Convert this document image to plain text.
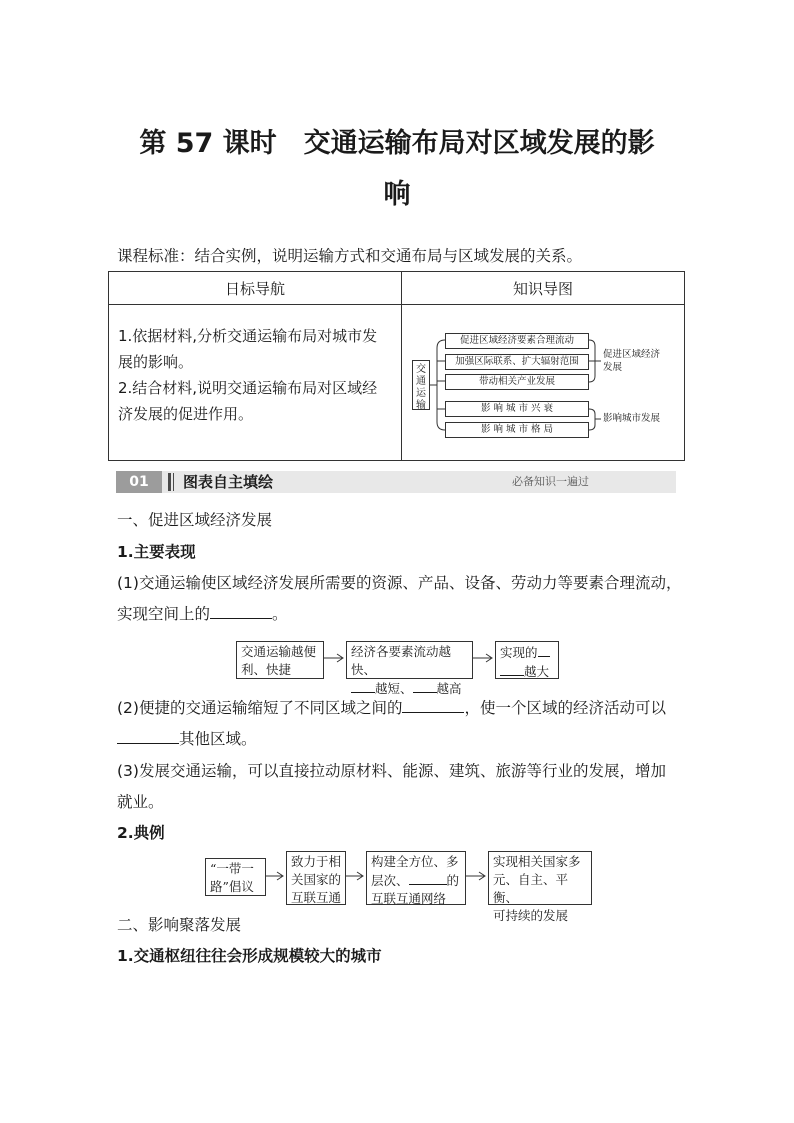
第 57 课时　交通运输布局对区域发展的影
响
课程标准：结合实例，说明运输方式和交通布局与区域发展的关系。
日标导航	知识导图
1.依据材料,分析交通运输布局对城市发
展的影响。
2.结合材料,说明交通运输布局对区域经
济发展的促进作用。
交
通
运
输
促进区域经济要素合理流动
加强区际联系、扩大辐射范围
带动相关产业发展
影 响 城 市 兴 衰
影 响 城 市 格 局
促进区域经济
发展
影响城市发展
01	图表自主填绘	必备知识一遍过
一、促进区域经济发展
1.主要表现
(1)交通运输使区域经济发展所需要的资源、产品、设备、劳动力等要素合理流动，
实现空间上的	。
交通运输越便
利、快捷
经济各要素流动越快、
越短、 越高
实现的
越大
(2)便捷的交通运输缩短了不同区域之间的	，使一个区域的经济活动可以
其他区域。
(3)发展交通运输，可以直接拉动原材料、能源、建筑、旅游等行业的发展，增加
就业。
2.典例
“一带一
路”倡议
致力于相
关国家的
互联互通
构建全方位、多
层次、	的
互联互通网络
实现相关国家多
元、自主、平衡、
可持续的发展
二、影响聚落发展
1.交通枢纽往往会形成规模较大的城市
